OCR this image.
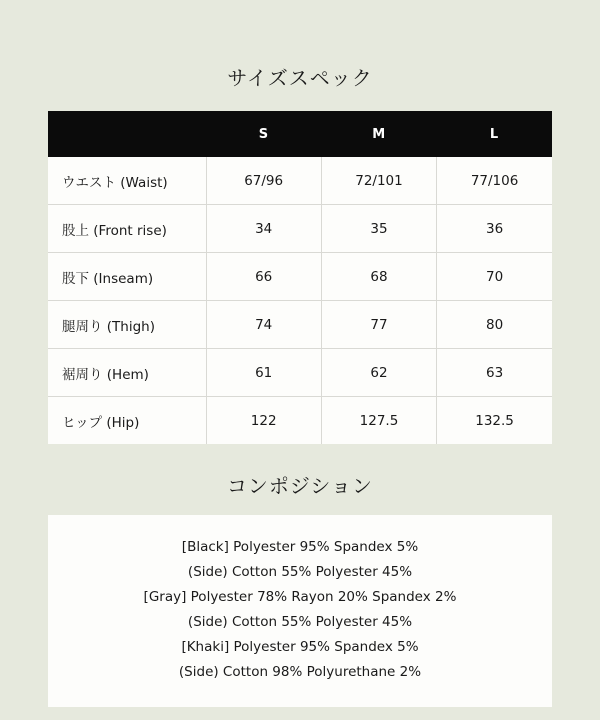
サイズスペック
	S	M	L
ウエスト (Waist)	67/96	72/101	77/106
股上 (Front rise)	34	35	36
股下 (Inseam)	66	68	70
腿周り (Thigh)	74	77	80
裾周り (Hem)	61	62	63
ヒップ (Hip)	122	127.5	132.5
コンポジション
[Black] Polyester 95% Spandex 5%
(Side) Cotton 55% Polyester 45%
[Gray] Polyester 78% Rayon 20% Spandex 2%
(Side) Cotton 55% Polyester 45%
[Khaki] Polyester 95% Spandex 5%
(Side) Cotton 98% Polyurethane 2%
